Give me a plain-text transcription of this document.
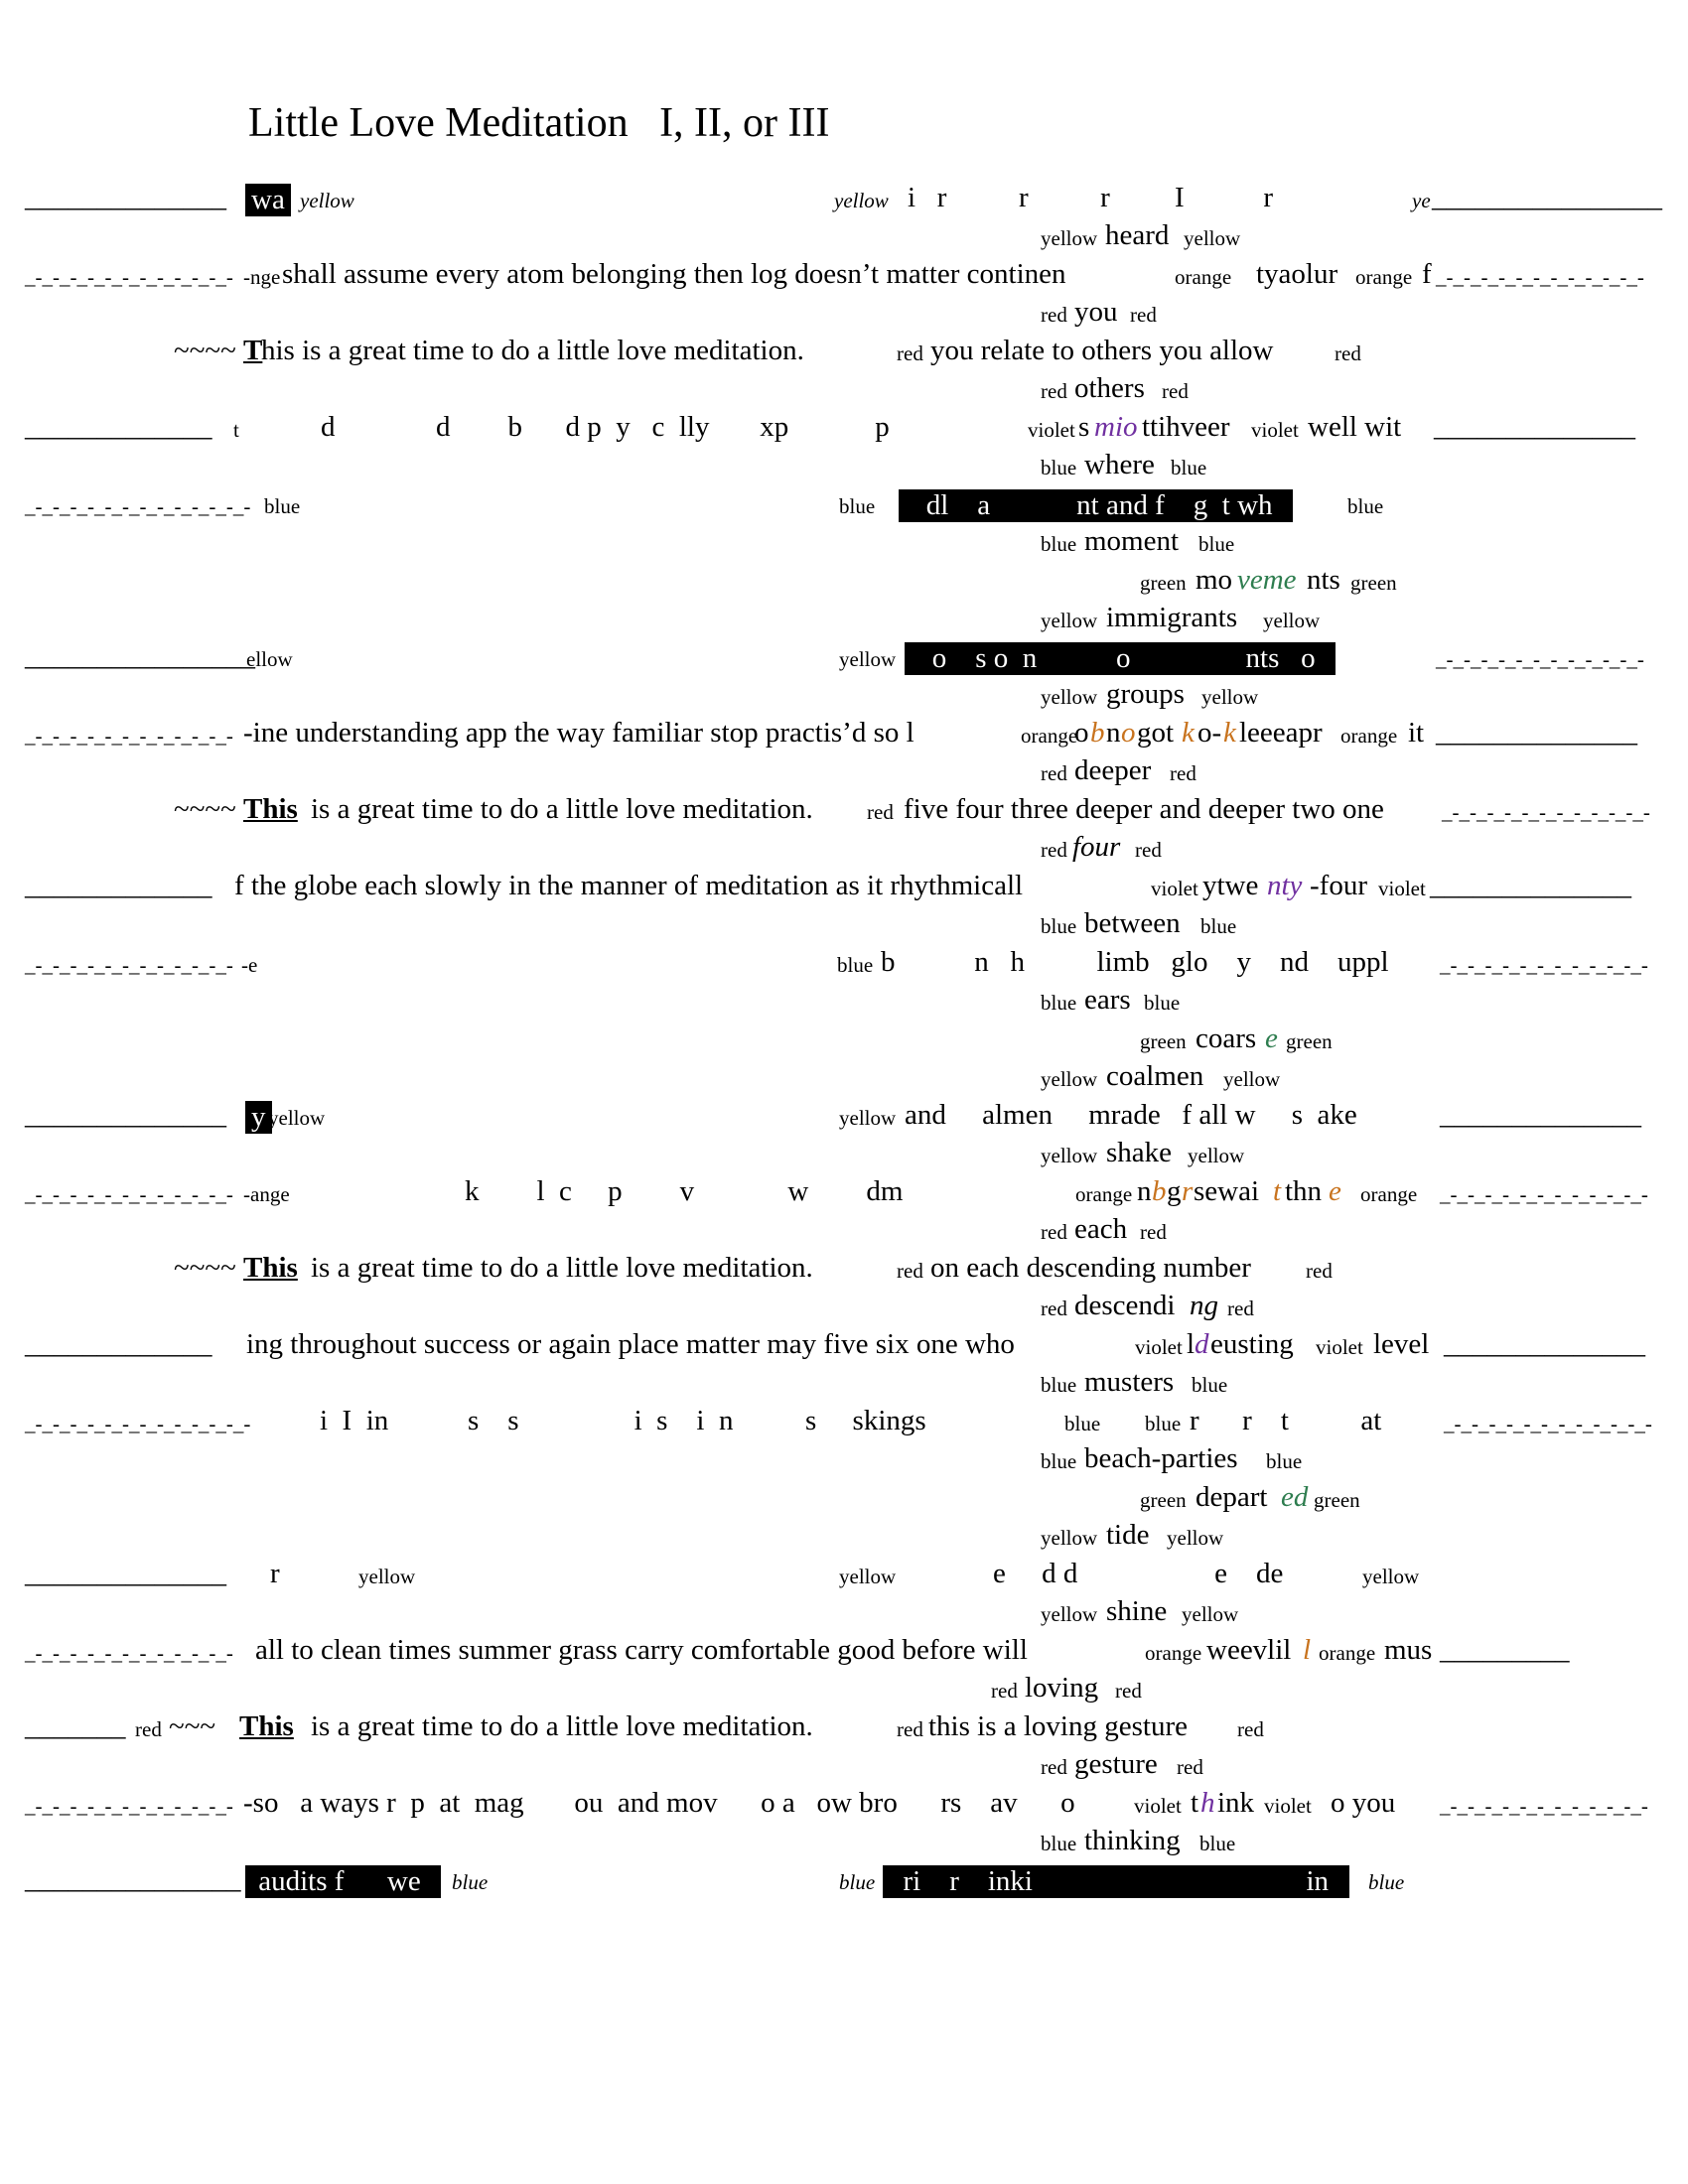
Little Love Meditation   I, II, or III
______________ wa yellow	yellow i   r          r          r         I           r	ye ________________
yellow heard yellow
_-_-_-_-_-_-_-_-_-_-_-_- -nge shall assume every atom belonging then log doesn’t matter continen	orange tyaolur orange f _-_-_-_-_-_-_-_-_-_-_-_-
red you red
~~~~ T
his is a great time to do a little love meditation.	red you relate to others you allow	red
red others red
_____________ t	d              d        b      d p  y   c  lly       xp            p	violet s mio ttihveer violet well wit ______________
blue where blue
_-_-_-_-_-_-_-_-_-_-_-_-_- blue	blue dl    a            nt and f    g  t wh	blue
blue moment blue
green mo veme nts green
yellow immigrants yellow
________________
ellow	yellow o    s o  n           o                nts   o	_-_-_-_-_-_-_-_-_-_-_-_-
yellow groups yellow
_-_-_-_-_-_-_-_-_-_-_-_- -ine understanding app the way familiar stop practis’d so l	orange
o b n o got k o- k leeeapr orange it ______________
red deeper red
~~~~ This is a great time to do a little love meditation.	red five four three deeper and deeper two one	_-_-_-_-_-_-_-_-_-_-_-_-
red four red
_____________ f the globe each slowly in the manner of meditation as it rhythmicall	violet ytwe nty -four violet ______________
blue between blue
_-_-_-_-_-_-_-_-_-_-_-_- -e	blue b           n   h          limb   glo    y    nd    uppl _-_-_-_-_-_-_-_-_-_-_-_-
blue ears blue
green coars e green
yellow coalmen yellow
______________ y yellow	yellow and     almen     mrade   f all w     s  ake	______________
yellow shake yellow
_-_-_-_-_-_-_-_-_-_-_-_- -ange	k        l  c     p        v             w        dm	orange n b g r sewai t thn e orange _-_-_-_-_-_-_-_-_-_-_-_-
red each red
~~~~ This is a great time to do a little love meditation.	red on each descending number	red
red descendi ng red
_____________ ing throughout success or again place matter may five six one who	violet l d eusting violet level ______________
blue musters blue
_-_-_-_-_-_-_-_-_-_-_-_-_- i  I  in           s    s                i  s    i  n          s     skings	blue blue r      r    t          at	_-_-_-_-_-_-_-_-_-_-_-_-
blue beach-parties blue
green depart ed green
yellow tide yellow
______________ r	yellow	yellow	e     d d                   e    de	yellow
yellow shine yellow
_-_-_-_-_-_-_-_-_-_-_-_- all to clean times summer grass carry comfortable good before will	orange weevlil l orange mus _________
red loving red
_______ red ~~~ This is a great time to do a little love meditation.	red this is a loving gesture red
red gesture red
_-_-_-_-_-_-_-_-_-_-_-_- -so   a ways r  p  at  mag       ou  and mov      o a   ow bro      rs    av      o	violet t h ink violet o you _-_-_-_-_-_-_-_-_-_-_-_-
blue thinking blue
_______________ audits f      we blue	blue ri    r    inki                                      in blue
